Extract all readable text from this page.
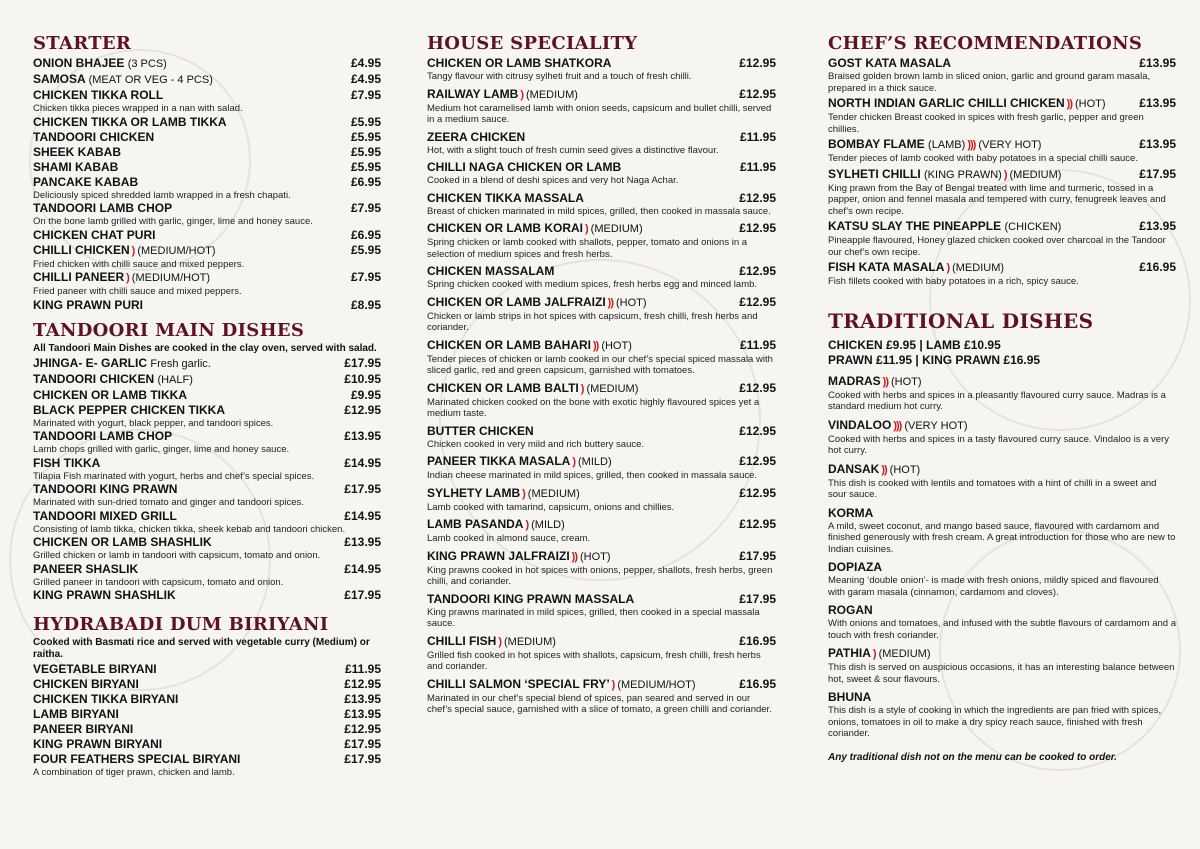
STARTER
ONION BHAJEE (3 PCS)	£4.95
SAMOSA (MEAT OR VEG - 4 PCS)	£4.95
CHICKEN TIKKA ROLL	£7.95
Chicken tikka pieces wrapped in a nan with salad.
CHICKEN TIKKA OR LAMB TIKKA	£5.95
TANDOORI CHICKEN	£5.95
SHEEK KABAB	£5.95
SHAMI KABAB	£5.95
PANCAKE KABAB	£6.95
Deliciously spiced shredded lamb wrapped in a fresh chapati.
TANDOORI LAMB CHOP	£7.95
On the bone lamb grilled with garlic, ginger, lime and honey sauce.
CHICKEN CHAT PURI	£6.95
CHILLI CHICKEN ) (MEDIUM/HOT)	£5.95
Fried chicken with chilli sauce and mixed peppers.
CHILLI PANEER ) (MEDIUM/HOT)	£7.95
Fried paneer with chilli sauce and mixed peppers.
KING PRAWN PURI	£8.95
TANDOORI MAIN DISHES
All Tandoori Main Dishes are cooked in the clay oven, served with salad.
JHINGA- E- GARLIC Fresh garlic.	£17.95
TANDOORI CHICKEN (HALF)	£10.95
CHICKEN OR LAMB TIKKA	£9.95
BLACK PEPPER CHICKEN TIKKA	£12.95
Marinated with yogurt, black pepper, and tandoori spices.
TANDOORI LAMB CHOP	£13.95
Lamb chops grilled with garlic, ginger, lime and honey sauce.
FISH TIKKA	£14.95
Tilapia Fish marinated with yogurt, herbs and chef’s special spices.
TANDOORI KING PRAWN	£17.95
Marinated with sun-dried tomato and ginger and tandoori spices.
TANDOORI MIXED GRILL	£14.95
Consisting of lamb tikka, chicken tikka, sheek kebab and tandoori chicken.
CHICKEN OR LAMB SHASHLIK	£13.95
Grilled chicken or lamb in tandoori with capsicum, tomato and onion.
PANEER SHASLIK	£14.95
Grilled paneer in tandoori with capsicum, tomato and onion.
KING PRAWN SHASHLIK	£17.95
HYDRABADI DUM BIRIYANI
Cooked with Basmati rice and served with vegetable curry (Medium) or raitha.
VEGETABLE BIRYANI	£11.95
CHICKEN BIRYANI	£12.95
CHICKEN TIKKA BIRYANI	£13.95
LAMB BIRYANI	£13.95
PANEER BIRYANI	£12.95
KING PRAWN BIRYANI	£17.95
FOUR FEATHERS SPECIAL BIRYANI	£17.95
A combination of tiger prawn, chicken and lamb.
HOUSE SPECIALITY
CHICKEN OR LAMB SHATKORA	£12.95
Tangy flavour with citrusy sylheti fruit and a touch of fresh chilli.
RAILWAY LAMB ) (MEDIUM)	£12.95
Medium hot caramelised lamb with onion seeds, capsicum and bullet chilli, served in a medium sauce.
ZEERA CHICKEN	£11.95
Hot, with a slight touch of fresh cumin seed gives a distinctive flavour.
CHILLI NAGA CHICKEN OR LAMB	£11.95
Cooked in a blend of deshi spices and very hot Naga Achar.
CHICKEN TIKKA MASSALA	£12.95
Breast of chicken marinated in mild spices, grilled, then cooked in massala sauce.
CHICKEN OR LAMB KORAI ) (MEDIUM)	£12.95
Spring chicken or lamb cooked with shallots, pepper, tomato and onions in a selection of medium spices and fresh herbs.
CHICKEN MASSALAM	£12.95
Spring chicken cooked with medium spices, fresh herbs egg and minced lamb.
CHICKEN OR LAMB JALFRAIZI )) (HOT)	£12.95
Chicken or lamb strips in hot spices with capsicum, fresh chilli, fresh herbs and coriander.
CHICKEN OR LAMB BAHARI )) (HOT)	£11.95
Tender pieces of chicken or lamb cooked in our chef’s special spiced massala with sliced garlic, red and green capsicum, garnished with tomatoes.
CHICKEN OR LAMB BALTI ) (MEDIUM)	£12.95
Marinated chicken cooked on the bone with exotic highly flavoured spices yet a medium taste.
BUTTER CHICKEN	£12.95
Chicken cooked in very mild and rich buttery sauce.
PANEER TIKKA MASALA ) (MILD)	£12.95
Indian cheese marinated in mild spices, grilled, then cooked in massala sauce.
SYLHETY LAMB ) (MEDIUM)	£12.95
Lamb cooked with tamarind, capsicum, onions and chillies.
LAMB PASANDA ) (MILD)	£12.95
Lamb cooked in almond sauce, cream.
KING PRAWN JALFRAIZI )) (HOT)	£17.95
King prawns cooked in hot spices with onions, pepper, shallots, fresh herbs, green chilli, and coriander.
TANDOORI KING PRAWN MASSALA	£17.95
King prawns marinated in mild spices, grilled, then cooked in a special massala sauce.
CHILLI FISH ) (MEDIUM)	£16.95
Grilled fish cooked in hot spices with shallots, capsicum, fresh chilli, fresh herbs and coriander.
CHILLI SALMON ‘SPECIAL FRY’ ) (MEDIUM/HOT)	£16.95
Marinated in our chef’s special blend of spices, pan seared and served in our chef’s special sauce, garnished with a slice of tomato, a green chilli and coriander.
CHEF’S RECOMMENDATIONS
GOST KATA MASALA	£13.95
Braised golden brown lamb in sliced onion, garlic and ground garam masala, prepared in a thick sauce.
NORTH INDIAN GARLIC CHILLI CHICKEN )) (HOT)	£13.95
Tender chicken Breast cooked in spices with fresh garlic, pepper and green chillies.
BOMBAY FLAME (LAMB) ))) (VERY HOT)	£13.95
Tender pieces of lamb cooked with baby potatoes in a special chilli sauce.
SYLHETI CHILLI (KING PRAWN) ) (MEDIUM)	£17.95
King prawn from the Bay of Bengal treated with lime and turmeric, tossed in a papper, onion and fennel masala and tempered with curry, fenugreek leaves and chef’s own recipe.
KATSU SLAY THE PINEAPPLE (CHICKEN)	£13.95
Pineapple flavoured, Honey glazed chicken cooked over charcoal in the Tandoor our chef’s own recipe.
FISH KATA MASALA ) (MEDIUM)	£16.95
Fish fillets cooked with baby potatoes in a rich, spicy sauce.
TRADITIONAL DISHES
CHICKEN £9.95 | LAMB £10.95
PRAWN £11.95 | KING PRAWN £16.95
MADRAS )) (HOT)
Cooked with herbs and spices in a pleasantly flavoured curry sauce. Madras is a standard medium hot curry.
VINDALOO ))) (VERY HOT)
Cooked with herbs and spices in a tasty flavoured curry sauce. Vindaloo is a very hot curry.
DANSAK )) (HOT)
This dish is cooked with lentils and tomatoes with a hint of chilli in a sweet and sour sauce.
KORMA
A mild, sweet coconut, and mango based sauce, flavoured with cardamom and finished generously with fresh cream. A great introduction for those who are new to Indian cuisines.
DOPIAZA
Meaning ‘double onion’- is made with fresh onions, mildly spiced and flavoured with garam masala (cinnamon, cardamom and cloves).
ROGAN
With onions and tomatoes, and infused with the subtle flavours of cardamom and a touch with fresh coriander.
PATHIA ) (MEDIUM)
This dish is served on auspicious occasions, it has an interesting balance between hot, sweet & sour flavours.
BHUNA
This dish is a style of cooking in which the ingredients are pan fried with spices, onions, tomatoes in oil to make a dry spicy reach sauce, finished with fresh coriander.
Any traditional dish not on the menu can be cooked to order.
